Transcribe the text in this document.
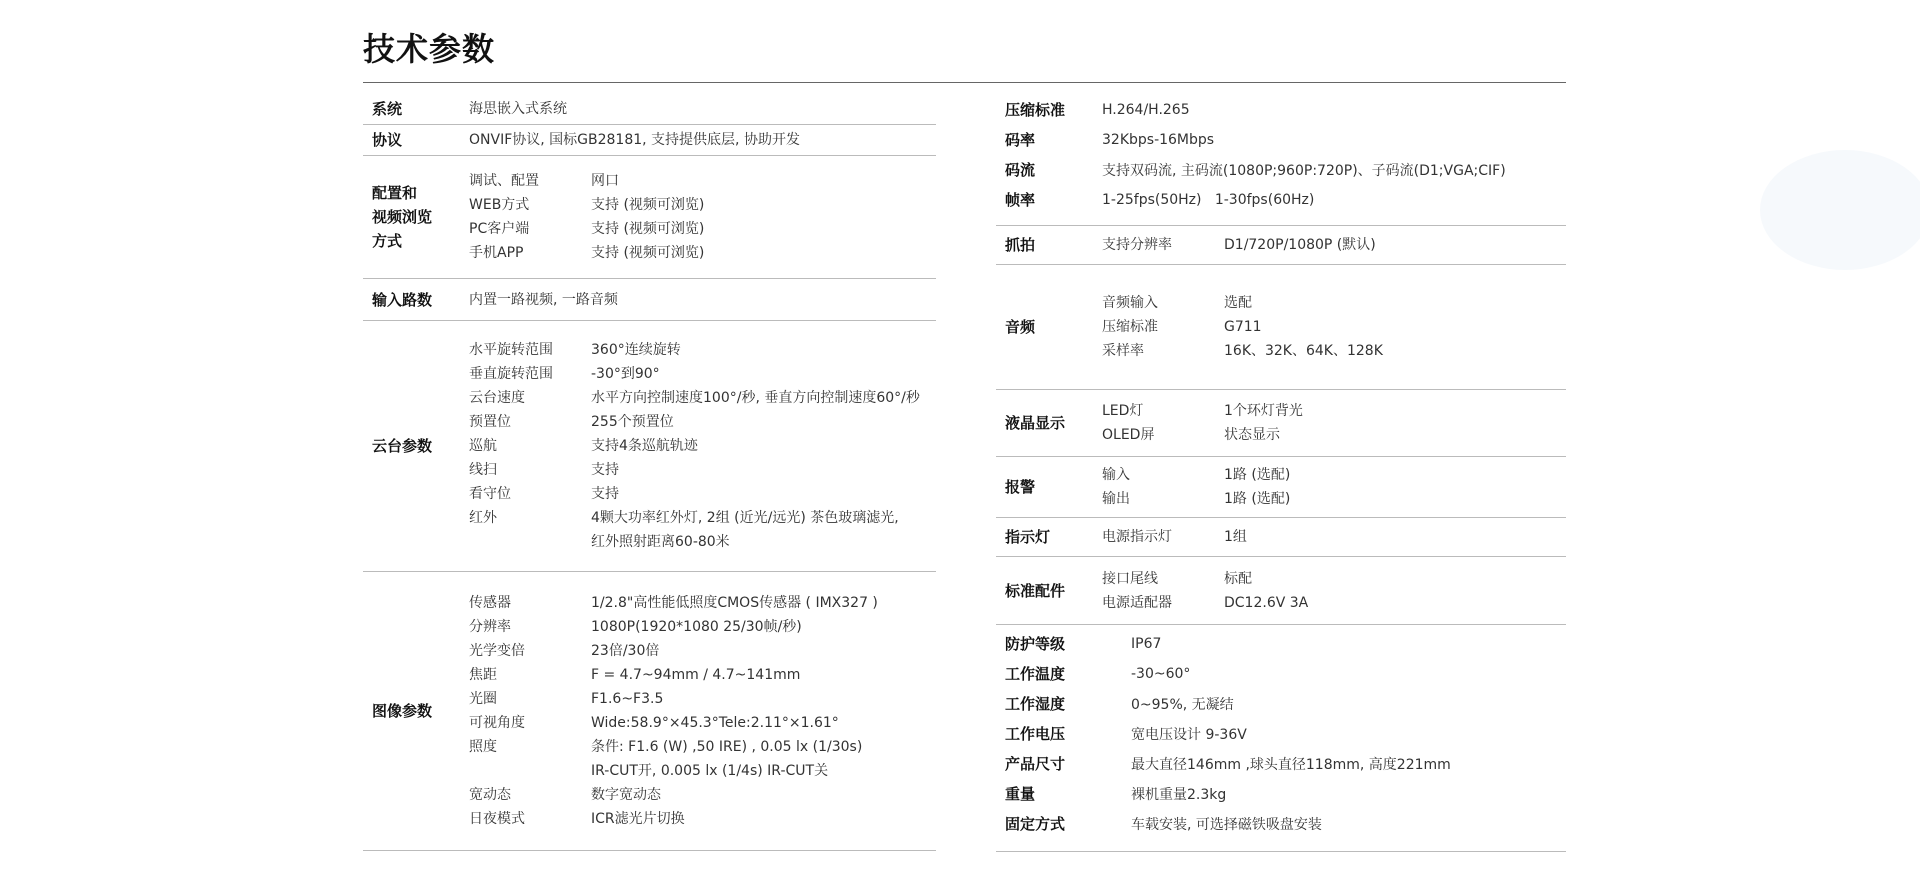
技术参数
系统	海思嵌入式系统
协议	ONVIF协议, 国标GB28181, 支持提供底层, 协助开发
配置和
视频浏览
方式
调试、配置	网口
WEB方式	支持 (视频可浏览)
PC客户端	支持 (视频可浏览)
手机APP	支持 (视频可浏览)
输入路数	内置一路视频, 一路音频
云台参数
水平旋转范围	360°连续旋转
垂直旋转范围	-30°到90°
云台速度	水平方向控制速度100°/秒, 垂直方向控制速度60°/秒
预置位	255个预置位
巡航	支持4条巡航轨迹
线扫	支持
看守位	支持
红外	4颗大功率红外灯, 2组 (近光/远光) 茶色玻璃滤光,
红外照射距离60-80米
图像参数
传感器	1/2.8"高性能低照度CMOS传感器 ( IMX327 )
分辨率	1080P(1920*1080 25/30帧/秒)
光学变倍	23倍/30倍
焦距	F = 4.7~94mm / 4.7~141mm
光圈	F1.6~F3.5
可视角度	Wide:58.9°×45.3°Tele:2.11°×1.61°
照度	条件: F1.6 (W) ,50 IRE) , 0.05 lx (1/30s)
IR-CUT开, 0.005 lx (1/4s) IR-CUT关
宽动态	数字宽动态
日夜模式	ICR滤光片切换
压缩标准	H.264/H.265
码率	32Kbps-16Mbps
码流	支持双码流, 主码流(1080P;960P:720P)、子码流(D1;VGA;CIF)
帧率	1-25fps(50Hz)   1-30fps(60Hz)
抓拍	支持分辨率	D1/720P/1080P (默认)
音频
音频输入	选配
压缩标准	G711
采样率	16K、32K、64K、128K
液晶显示
LED灯	1个环灯背光
OLED屏	状态显示
报警
输入	1路 (选配)
输出	1路 (选配)
指示灯	电源指示灯	1组
标准配件
接口尾线	标配
电源适配器	DC12.6V 3A
防护等级	IP67
工作温度	-30~60°
工作湿度	0~95%, 无凝结
工作电压	宽电压设计 9-36V
产品尺寸	最大直径146mm ,球头直径118mm, 高度221mm
重量	裸机重量2.3kg
固定方式	车载安装, 可选择磁铁吸盘安装
